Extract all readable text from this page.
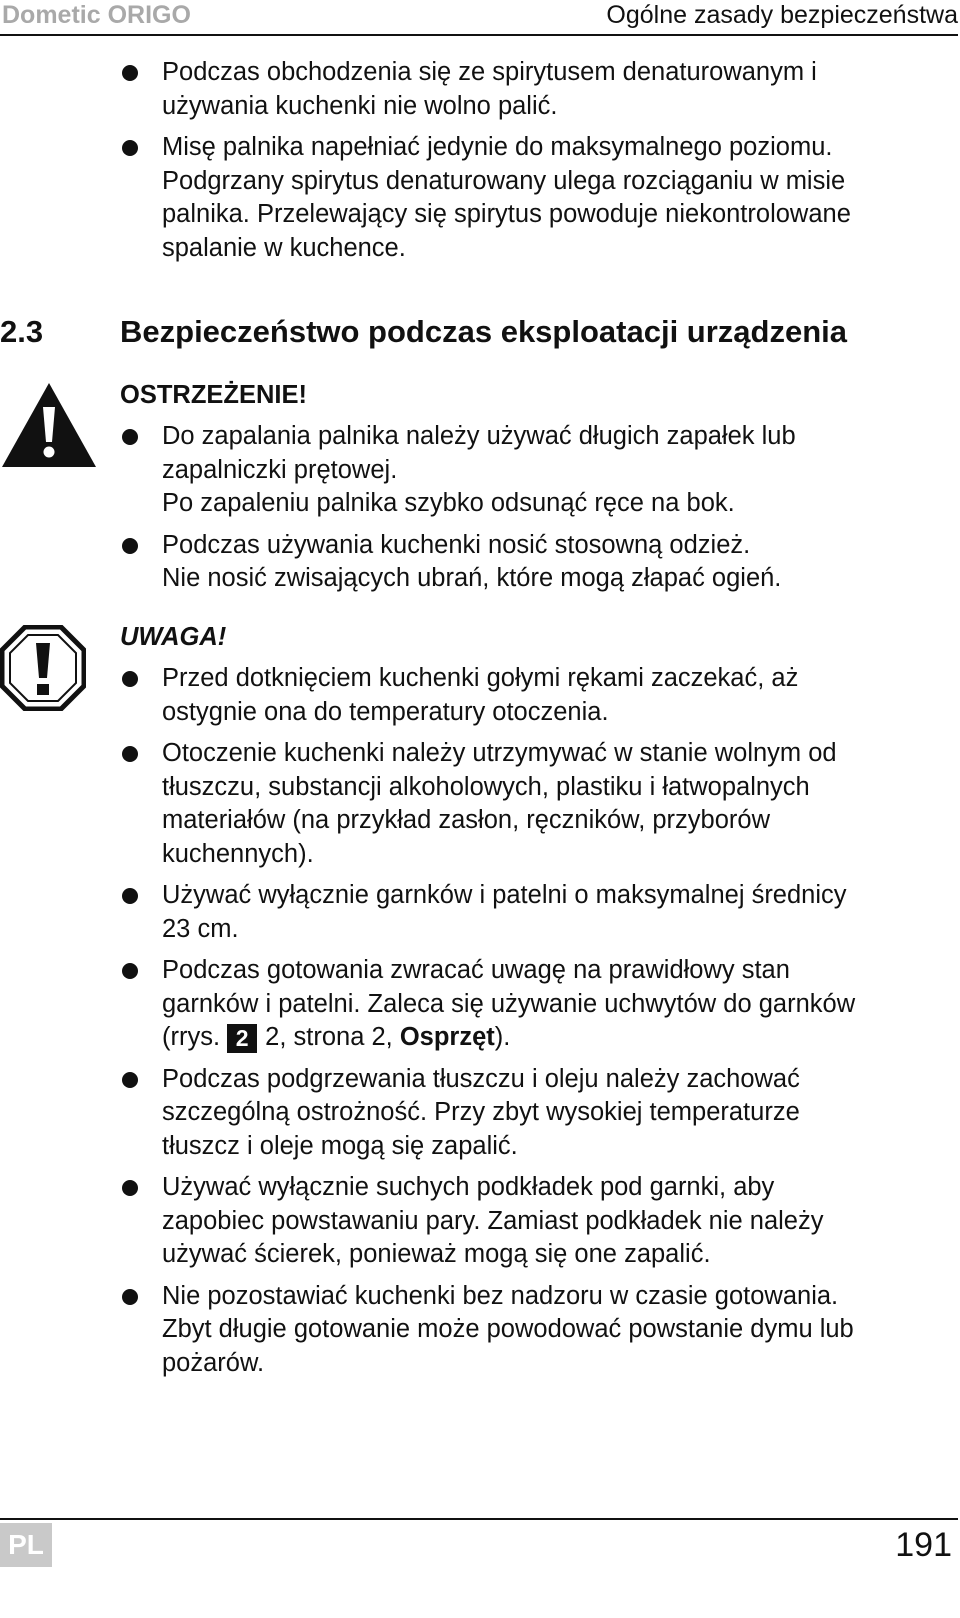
Dometic ORIGO	Ogólne zasady bezpieczeństwa
Podczas obchodzenia się ze spirytusem denaturowanym i
używania kuchenki nie wolno palić.
Misę palnika napełniać jedynie do maksymalnego poziomu.
Podgrzany spirytus denaturowany ulega rozciąganiu w misie
palnika. Przelewający się spirytus powoduje niekontrolowane
spalanie w kuchence.
2.3 Bezpieczeństwo podczas eksploatacji urządzenia
OSTRZEŻENIE!
Do zapalania palnika należy używać długich zapałek lub
zapalniczki prętowej.
Po zapaleniu palnika szybko odsunąć ręce na bok.
Podczas używania kuchenki nosić stosowną odzież.
Nie nosić zwisających ubrań, które mogą złapać ogień.
UWAGA!
Przed dotknięciem kuchenki gołymi rękami zaczekać, aż
ostygnie ona do temperatury otoczenia.
Otoczenie kuchenki należy utrzymywać w stanie wolnym od
tłuszczu, substancji alkoholowych, plastiku i łatwopalnych
materiałów (na przykład zasłon, ręczników, przyborów
kuchennych).
Używać wyłącznie garnków i patelni o maksymalnej średnicy
23 cm.
Podczas gotowania zwracać uwagę na prawidłowy stan
garnków i patelni. Zaleca się używanie uchwytów do garnków
(rrys. 2 2, strona 2, Osprzęt).
Podczas podgrzewania tłuszczu i oleju należy zachować
szczególną ostrożność. Przy zbyt wysokiej temperaturze
tłuszcz i oleje mogą się zapalić.
Używać wyłącznie suchych podkładek pod garnki, aby
zapobiec powstawaniu pary. Zamiast podkładek nie należy
używać ścierek, ponieważ mogą się one zapalić.
Nie pozostawiać kuchenki bez nadzoru w czasie gotowania.
Zbyt długie gotowanie może powodować powstanie dymu lub
pożarów.
PL	191
